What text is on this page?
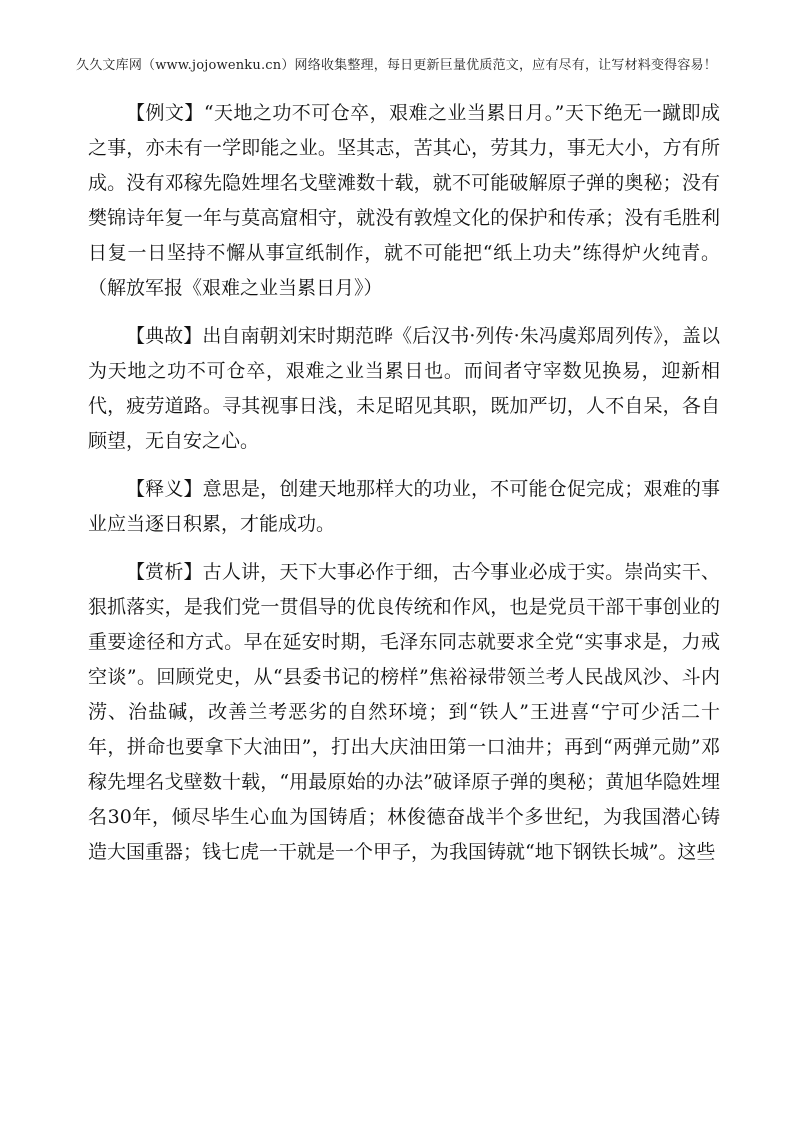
久久文库网（www.jojowenku.cn）网络收集整理，每日更新巨量优质范文，应有尽有，让写材料变得容易！

【例文】“天地之功不可仓卒，艰难之业当累日月。”天下绝无一蹴即成之事，亦未有一学即能之业。坚其志，苦其心，劳其力，事无大小，方有所成。没有邓稼先隐姓埋名戈壁滩数十载，就不可能破解原子弹的奥秘；没有樊锦诗年复一年与莫高窟相守，就没有敦煌文化的保护和传承；没有毛胜利日复一日坚持不懈从事宣纸制作，就不可能把“纸上功夫”练得炉火纯青。（解放军报《艰难之业当累日月》）

【典故】出自南朝刘宋时期范晔《后汉书·列传·朱冯虞郑周列传》，盖以为天地之功不可仓卒，艰难之业当累日也。而间者守宰数见换易，迎新相代，疲劳道路。寻其视事日浅，未足昭见其职，既加严切，人不自呆，各自顾望，无自安之心。

【释义】意思是，创建天地那样大的功业，不可能仓促完成；艰难的事业应当逐日积累，才能成功。

【赏析】古人讲，天下大事必作于细，古今事业必成于实。崇尚实干、狠抓落实，是我们党一贯倡导的优良传统和作风，也是党员干部干事创业的重要途径和方式。早在延安时期，毛泽东同志就要求全党“实事求是，力戒空谈”。回顾党史，从“县委书记的榜样”焦裕禄带领兰考人民战风沙、斗内涝、治盐碱，改善兰考恶劣的自然环境；到“铁人”王进喜“宁可少活二十年，拼命也要拿下大油田”，打出大庆油田第一口油井；再到“两弹元勋”邓稼先埋名戈壁数十载，“用最原始的办法”破译原子弹的奥秘；黄旭华隐姓埋名30年，倾尽毕生心血为国铸盾；林俊德奋战半个多世纪，为我国潜心铸造大国重器；钱七虎一干就是一个甲子，为我国铸就“地下钢铁长城”。这些
